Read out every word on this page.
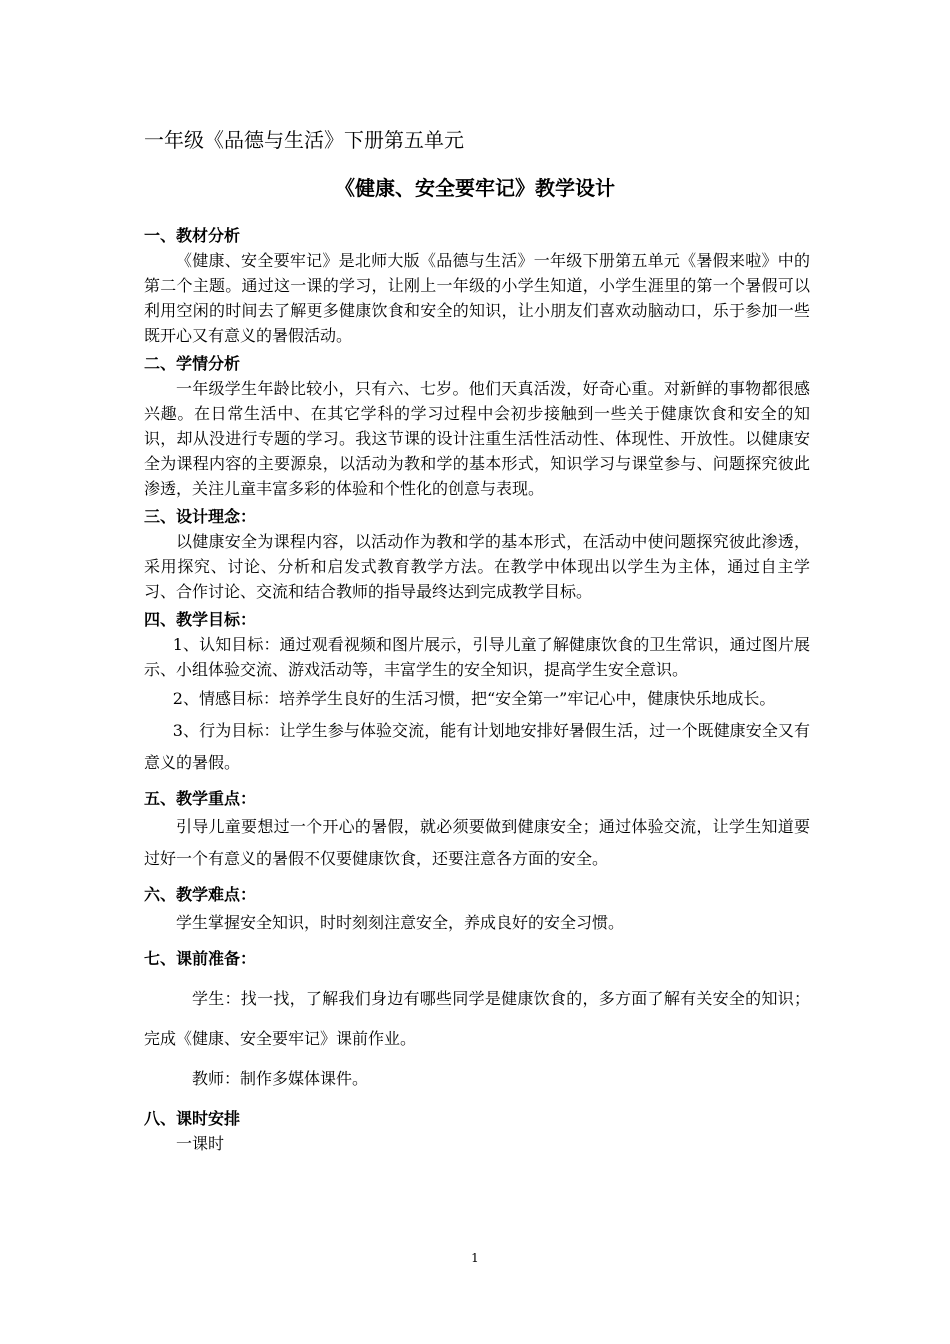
一年级《品德与生活》下册第五单元
《健康、安全要牢记》教学设计

一、教材分析

《健康、安全要牢记》是北师大版《品德与生活》一年级下册第五单元《暑假来啦》中的第二个主题。通过这一课的学习，让刚上一年级的小学生知道，小学生涯里的第一个暑假可以利用空闲的时间去了解更多健康饮食和安全的知识，让小朋友们喜欢动脑动口，乐于参加一些既开心又有意义的暑假活动。

二、学情分析

一年级学生年龄比较小，只有六、七岁。他们天真活泼，好奇心重。对新鲜的事物都很感兴趣。在日常生活中、在其它学科的学习过程中会初步接触到一些关于健康饮食和安全的知识，却从没进行专题的学习。我这节课的设计注重生活性活动性、体现性、开放性。以健康安全为课程内容的主要源泉，以活动为教和学的基本形式，知识学习与课堂参与、问题探究彼此渗透，关注儿童丰富多彩的体验和个性化的创意与表现。

三、设计理念：

以健康安全为课程内容，以活动作为教和学的基本形式，在活动中使问题探究彼此渗透，采用探究、讨论、分析和启发式教育教学方法。在教学中体现出以学生为主体，通过自主学习、合作讨论、交流和结合教师的指导最终达到完成教学目标。

四、教学目标：

1、认知目标：通过观看视频和图片展示，引导儿童了解健康饮食的卫生常识，通过图片展示、小组体验交流、游戏活动等，丰富学生的安全知识，提高学生安全意识。

2、情感目标：培养学生良好的生活习惯，把“安全第一”牢记心中，健康快乐地成长。

3、行为目标：让学生参与体验交流，能有计划地安排好暑假生活，过一个既健康安全又有意义的暑假。

五、教学重点：

引导儿童要想过一个开心的暑假，就必须要做到健康安全；通过体验交流，让学生知道要过好一个有意义的暑假不仅要健康饮食，还要注意各方面的安全。

六、教学难点：

学生掌握安全知识，时时刻刻注意安全，养成良好的安全习惯。

七、课前准备：

学生：找一找，了解我们身边有哪些同学是健康饮食的，多方面了解有关安全的知识；完成《健康、安全要牢记》课前作业。

教师：制作多媒体课件。

八、课时安排

一课时

1
